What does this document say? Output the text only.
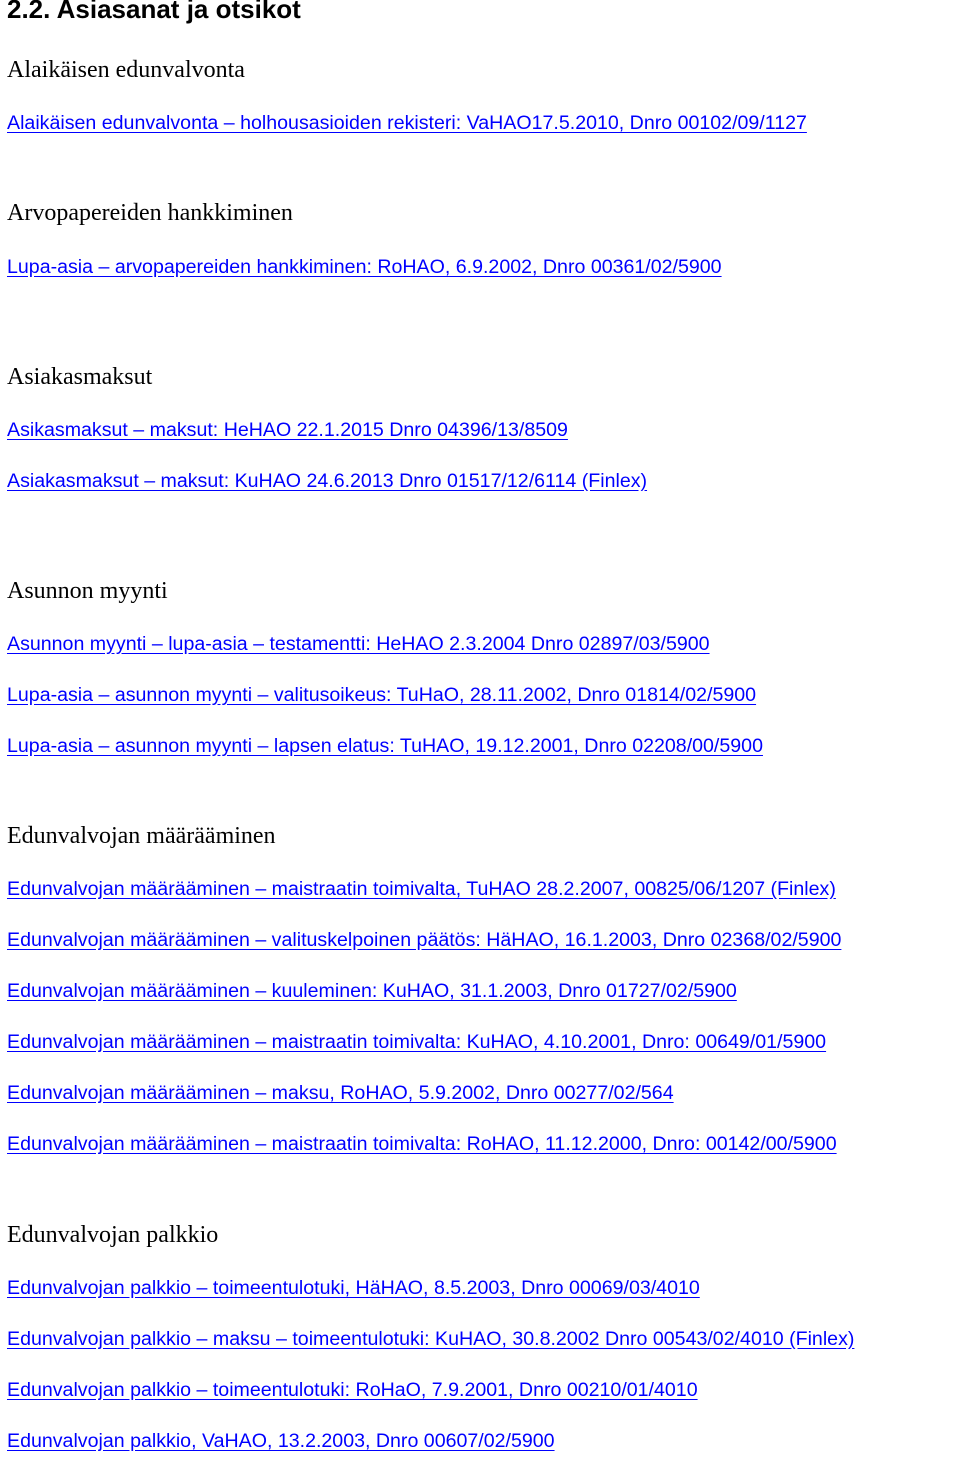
2.2. Asiasanat ja otsikot
Alaikäisen edunvalvonta
Alaikäisen edunvalvonta – holhousasioiden rekisteri: VaHAO17.5.2010, Dnro 00102/09/1127
Arvopapereiden hankkiminen
Lupa-asia – arvopapereiden hankkiminen: RoHAO, 6.9.2002, Dnro 00361/02/5900
Asiakasmaksut
Asikasmaksut – maksut: HeHAO 22.1.2015 Dnro 04396/13/8509
Asiakasmaksut – maksut: KuHAO 24.6.2013 Dnro 01517/12/6114 (Finlex)
Asunnon myynti
Asunnon myynti – lupa-asia – testamentti: HeHAO 2.3.2004 Dnro 02897/03/5900
Lupa-asia – asunnon myynti – valitusoikeus: TuHaO, 28.11.2002, Dnro 01814/02/5900
Lupa-asia – asunnon myynti – lapsen elatus: TuHAO, 19.12.2001, Dnro 02208/00/5900
Edunvalvojan määrääminen
Edunvalvojan määrääminen – maistraatin toimivalta, TuHAO 28.2.2007, 00825/06/1207 (Finlex)
Edunvalvojan määrääminen – valituskelpoinen päätös: HäHAO, 16.1.2003, Dnro 02368/02/5900
Edunvalvojan määrääminen – kuuleminen: KuHAO, 31.1.2003, Dnro 01727/02/5900
Edunvalvojan määrääminen – maistraatin toimivalta: KuHAO, 4.10.2001, Dnro: 00649/01/5900
Edunvalvojan määrääminen – maksu, RoHAO, 5.9.2002, Dnro 00277/02/564
Edunvalvojan määrääminen – maistraatin toimivalta: RoHAO, 11.12.2000, Dnro: 00142/00/5900
Edunvalvojan palkkio
Edunvalvojan palkkio – toimeentulotuki, HäHAO, 8.5.2003, Dnro 00069/03/4010
Edunvalvojan palkkio – maksu – toimeentulotuki: KuHAO, 30.8.2002 Dnro 00543/02/4010 (Finlex)
Edunvalvojan palkkio – toimeentulotuki: RoHaO, 7.9.2001, Dnro 00210/01/4010
Edunvalvojan palkkio, VaHAO, 13.2.2003, Dnro 00607/02/5900
